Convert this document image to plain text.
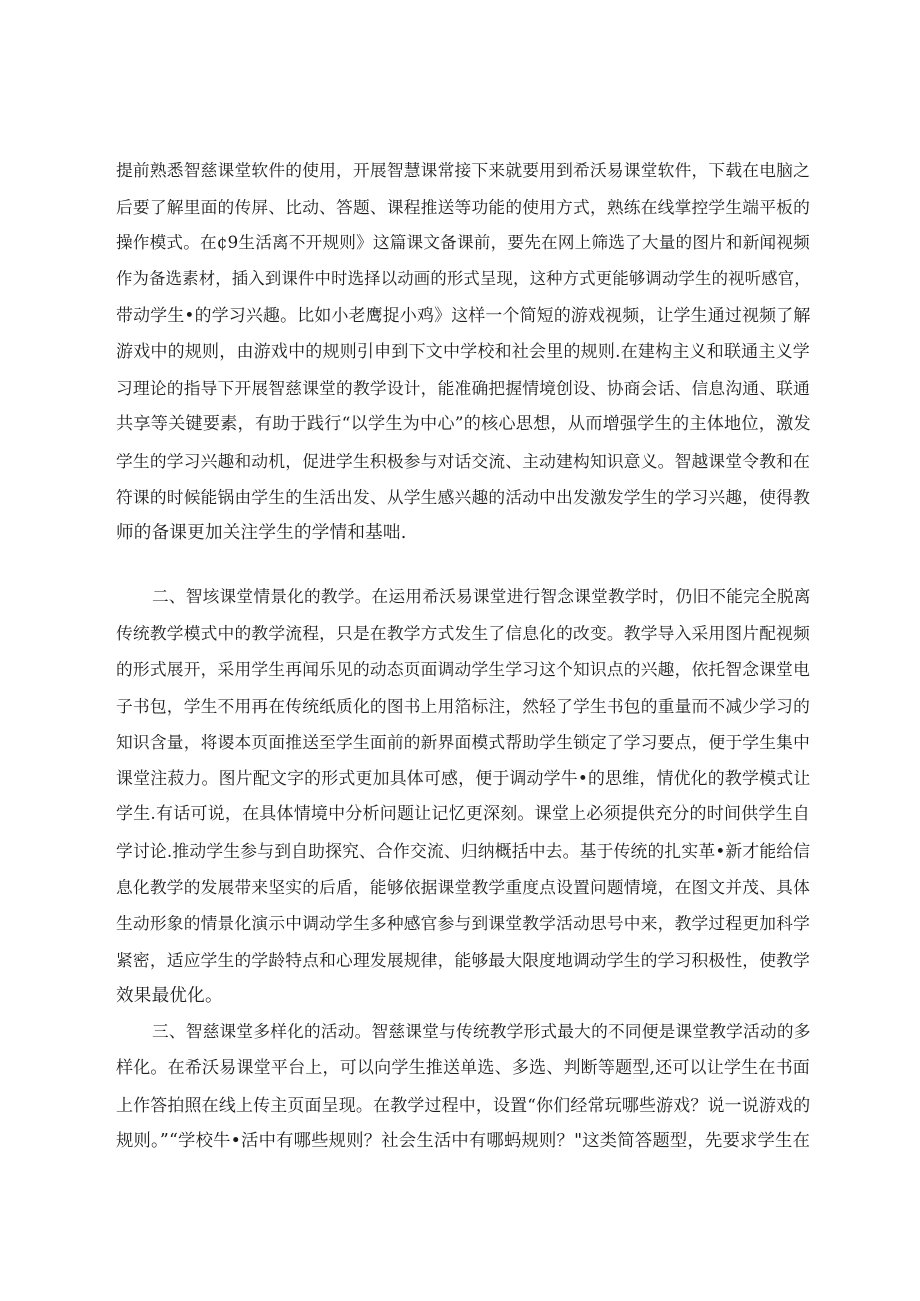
提前熟悉智慈课堂软件的使用，开展智慧课常接下来就要用到希沃易课堂软件，下载在电脑之
后要了解里面的传屏、比动、答题、课程推送等功能的使用方式，熟练在线掌控学生端平板的
操作模式。在¢9生活离不开规则》这篇课文备课前，要先在网上筛选了大量的图片和新闻视频
作为备选素材，插入到课件中时选择以动画的形式呈现，这种方式更能够调动学生的视听感官，
带动学生•的学习兴趣。比如小老鹰捉小鸡》这样一个简短的游戏视频，让学生通过视频了解
游戏中的规则，由游戏中的规则引申到下文中学校和社会里的规则.在建构主义和联通主义学
习理论的指导下开展智慈课堂的教学设计，能准确把握情境创设、协商会话、信息沟通、联通
共享等关键要素，有助于践行“以学生为中心”的核心思想，从而增强学生的主体地位，激发
学生的学习兴趣和动机，促进学生积极参与对话交流、主动建构知识意义。智越课堂令教和在
符课的时候能锅由学生的生活出发、从学生感兴趣的活动中出发激发学生的学习兴趣，使得教
师的备课更加关注学生的学情和基咄.
二、智垓课堂情景化的教学。在运用希沃易课堂进行智念课堂教学时，仍旧不能完全脱离
传统教学模式中的教学流程，只是在教学方式发生了信息化的改变。教学导入采用图片配视频
的形式展开，采用学生再闻乐见的动态页面调动学生学习这个知识点的兴趣，依托智念课堂电
子书包，学生不用再在传统纸质化的图书上用箔标注，然轻了学生书包的重量而不减少学习的
知识含量，将谡本页面推送至学生面前的新界面模式帮助学生锁定了学习要点，便于学生集中
课堂注菽力。图片配文字的形式更加具体可感，便于调动学牛•的思维，情优化的教学模式让
学生.有话可说，在具体情境中分析问题让记忆更深刻。课堂上必须提供充分的时间供学生自
学讨论.推动学生参与到自助探究、合作交流、归纳概括中去。基于传统的扎实革•新才能给信
息化教学的发展带来坚实的后盾，能够依据课堂教学重度点设置问题情境，在图文并茂、具体
生动形象的情景化演示中调动学生多种感官参与到课堂教学活动思号中来，教学过程更加科学
紧密，适应学生的学龄特点和心理发展规律，能够最大限度地调动学生的学习积极性，使教学
效果最优化。
三、智慈课堂多样化的活动。智慈课堂与传统教学形式最大的不同便是课堂教学活动的多
样化。在希沃易课堂平台上，可以向学生推送单选、多选、判断等题型,还可以让学生在书面
上作答拍照在线上传主页面呈现。在教学过程中，设置“你们经常玩哪些游戏？说一说游戏的
规则。”“学校牛•活中有哪些规则？社会生活中有哪蚂规则？"这类简答题型，先要求学生在
